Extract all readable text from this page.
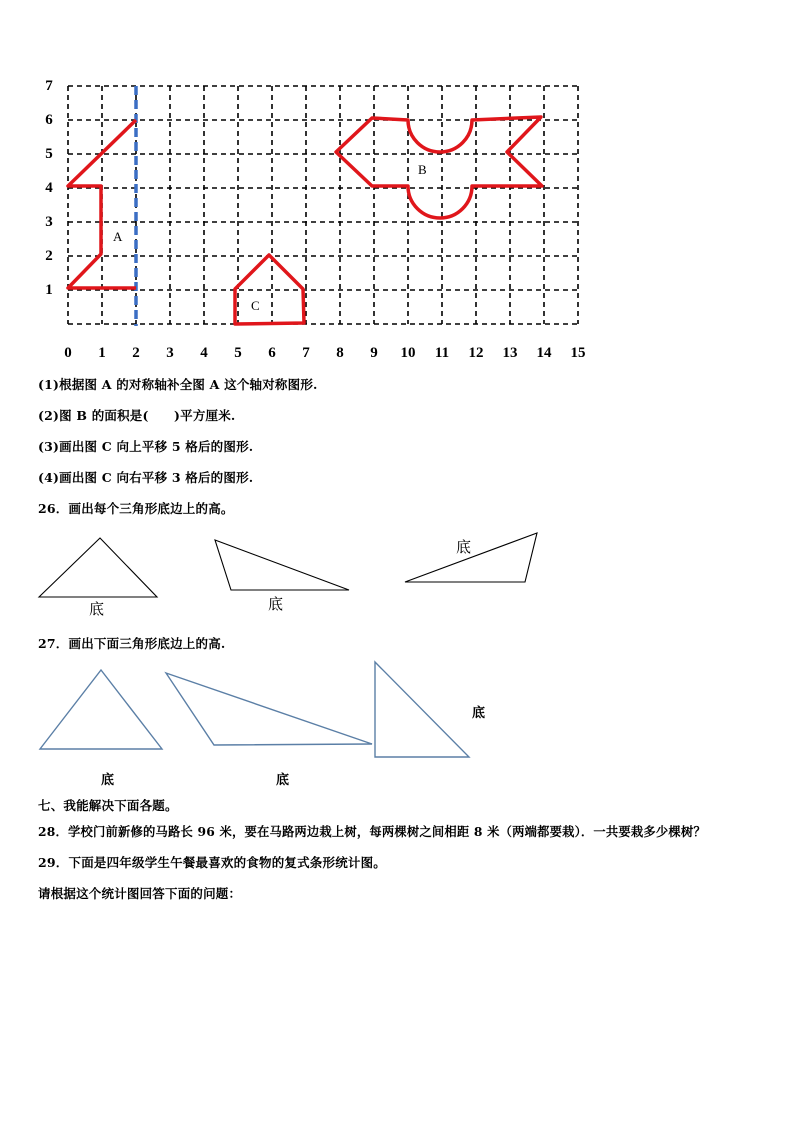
A
B
C
0 1 2 3 4 5 6 7 8 9 10 11 12 13 14 15
1
2
3
4
5
6
7
(1)根据图 A 的对称轴补全图 A 这个轴对称图形.
(2)图 B 的面积是(　　)平方厘米.
(3)画出图 C 向上平移 5 格后的图形.
(4)画出图 C 向右平移 3 格后的图形.
26．画出每个三角形底边上的高。
底	底
底
27．画出下面三角形底边上的高.
底	底
底
七、我能解决下面各题。
28．学校门前新修的马路长 96 米，要在马路两边栽上树，每两棵树之间相距 8 米（两端都要栽）．一共要栽多少棵树？
29．下面是四年级学生午餐最喜欢的食物的复式条形统计图。
请根据这个统计图回答下面的问题：
